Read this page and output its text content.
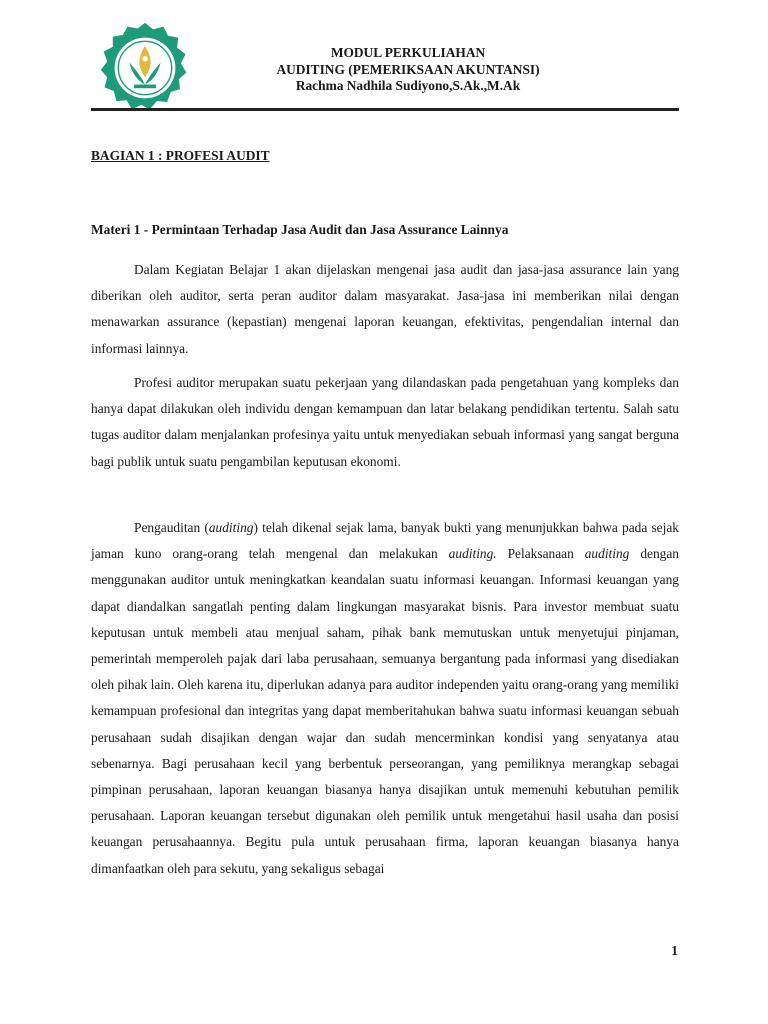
MODUL PERKULIAHAN
AUDITING (PEMERIKSAAN AKUNTANSI)
Rachma Nadhila Sudiyono,S.Ak.,M.Ak
BAGIAN 1 : PROFESI AUDIT
Materi 1 - Permintaan Terhadap Jasa Audit dan Jasa Assurance Lainnya

Dalam Kegiatan Belajar 1 akan dijelaskan mengenai jasa audit dan jasa-jasa assurance lain yang diberikan oleh auditor, serta peran auditor dalam masyarakat. Jasa-jasa ini memberikan nilai dengan menawarkan assurance (kepastian) mengenai laporan keuangan, efektivitas, pengendalian internal dan informasi lainnya.

Profesi auditor merupakan suatu pekerjaan yang dilandaskan pada pengetahuan yang kompleks dan hanya dapat dilakukan oleh individu dengan kemampuan dan latar belakang pendidikan tertentu. Salah satu tugas auditor dalam menjalankan profesinya yaitu untuk menyediakan sebuah informasi yang sangat berguna bagi publik untuk suatu pengambilan keputusan ekonomi.

Pengauditan (auditing) telah dikenal sejak lama, banyak bukti yang menunjukkan bahwa pada sejak jaman kuno orang-orang telah mengenal dan melakukan auditing. Pelaksanaan auditing dengan menggunakan auditor untuk meningkatkan keandalan suatu informasi keuangan. Informasi keuangan yang dapat diandalkan sangatlah penting dalam lingkungan masyarakat bisnis. Para investor membuat suatu keputusan untuk membeli atau menjual saham, pihak bank memutuskan untuk menyetujui pinjaman, pemerintah memperoleh pajak dari laba perusahaan, semuanya bergantung pada informasi yang disediakan oleh pihak lain. Oleh karena itu, diperlukan adanya para auditor independen yaitu orang-orang yang memiliki kemampuan profesional dan integritas yang dapat memberitahukan bahwa suatu informasi keuangan sebuah perusahaan sudah disajikan dengan wajar dan sudah mencerminkan kondisi yang senyatanya atau sebenarnya. Bagi perusahaan kecil yang berbentuk perseorangan, yang pemiliknya merangkap sebagai pimpinan perusahaan, laporan keuangan biasanya hanya disajikan untuk memenuhi kebutuhan pemilik perusahaan. Laporan keuangan tersebut digunakan oleh pemilik untuk mengetahui hasil usaha dan posisi keuangan perusahaannya. Begitu pula untuk perusahaan firma, laporan keuangan biasanya hanya dimanfaatkan oleh para sekutu, yang sekaligus sebagai

1
